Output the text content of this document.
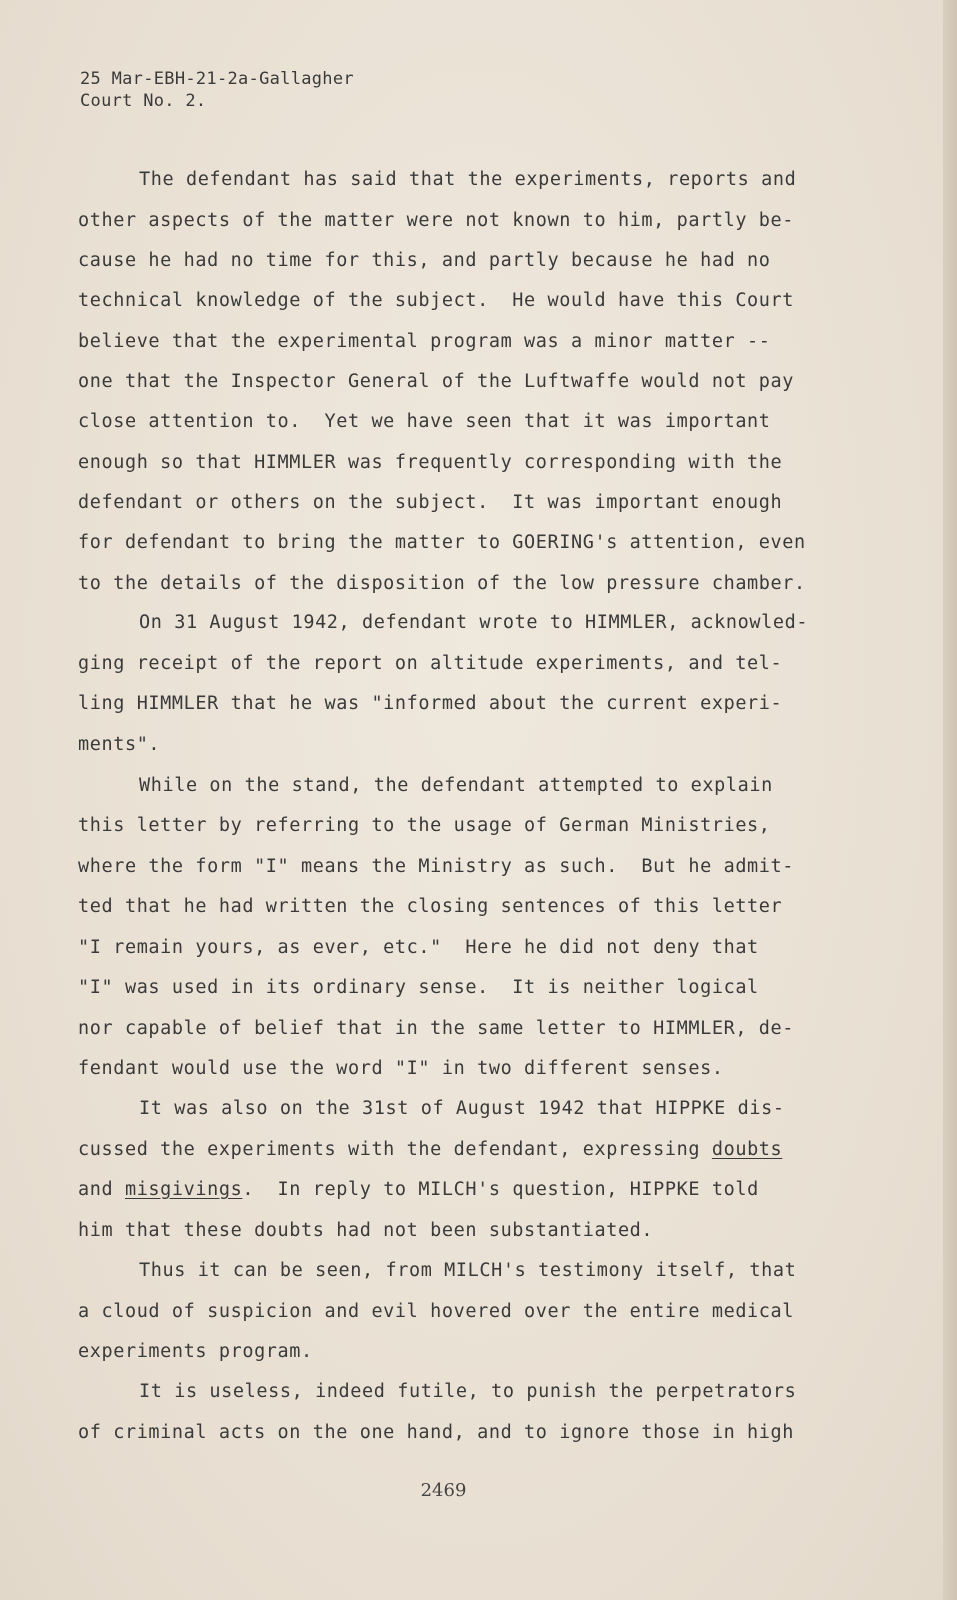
25 Mar-EBH-21-2a-Gallagher
Court No. 2.
The defendant has said that the experiments, reports and
other aspects of the matter were not known to him, partly be-
cause he had no time for this, and partly because he had no
technical knowledge of the subject.  He would have this Court
believe that the experimental program was a minor matter --
one that the Inspector General of the Luftwaffe would not pay
close attention to.  Yet we have seen that it was important
enough so that HIMMLER was frequently corresponding with the
defendant or others on the subject.  It was important enough
for defendant to bring the matter to GOERING's attention, even
to the details of the disposition of the low pressure chamber.
On 31 August 1942, defendant wrote to HIMMLER, acknowled-
ging receipt of the report on altitude experiments, and tel-
ling HIMMLER that he was "informed about the current experi-
ments".
While on the stand, the defendant attempted to explain
this letter by referring to the usage of German Ministries,
where the form "I" means the Ministry as such.  But he admit-
ted that he had written the closing sentences of this letter
"I remain yours, as ever, etc."  Here he did not deny that
"I" was used in its ordinary sense.  It is neither logical
nor capable of belief that in the same letter to HIMMLER, de-
fendant would use the word "I" in two different senses.
It was also on the 31st of August 1942 that HIPPKE dis-
cussed the experiments with the defendant, expressing doubts
and misgivings.  In reply to MILCH's question, HIPPKE told
him that these doubts had not been substantiated.
Thus it can be seen, from MILCH's testimony itself, that
a cloud of suspicion and evil hovered over the entire medical
experiments program.
It is useless, indeed futile, to punish the perpetrators
of criminal acts on the one hand, and to ignore those in high
2469
